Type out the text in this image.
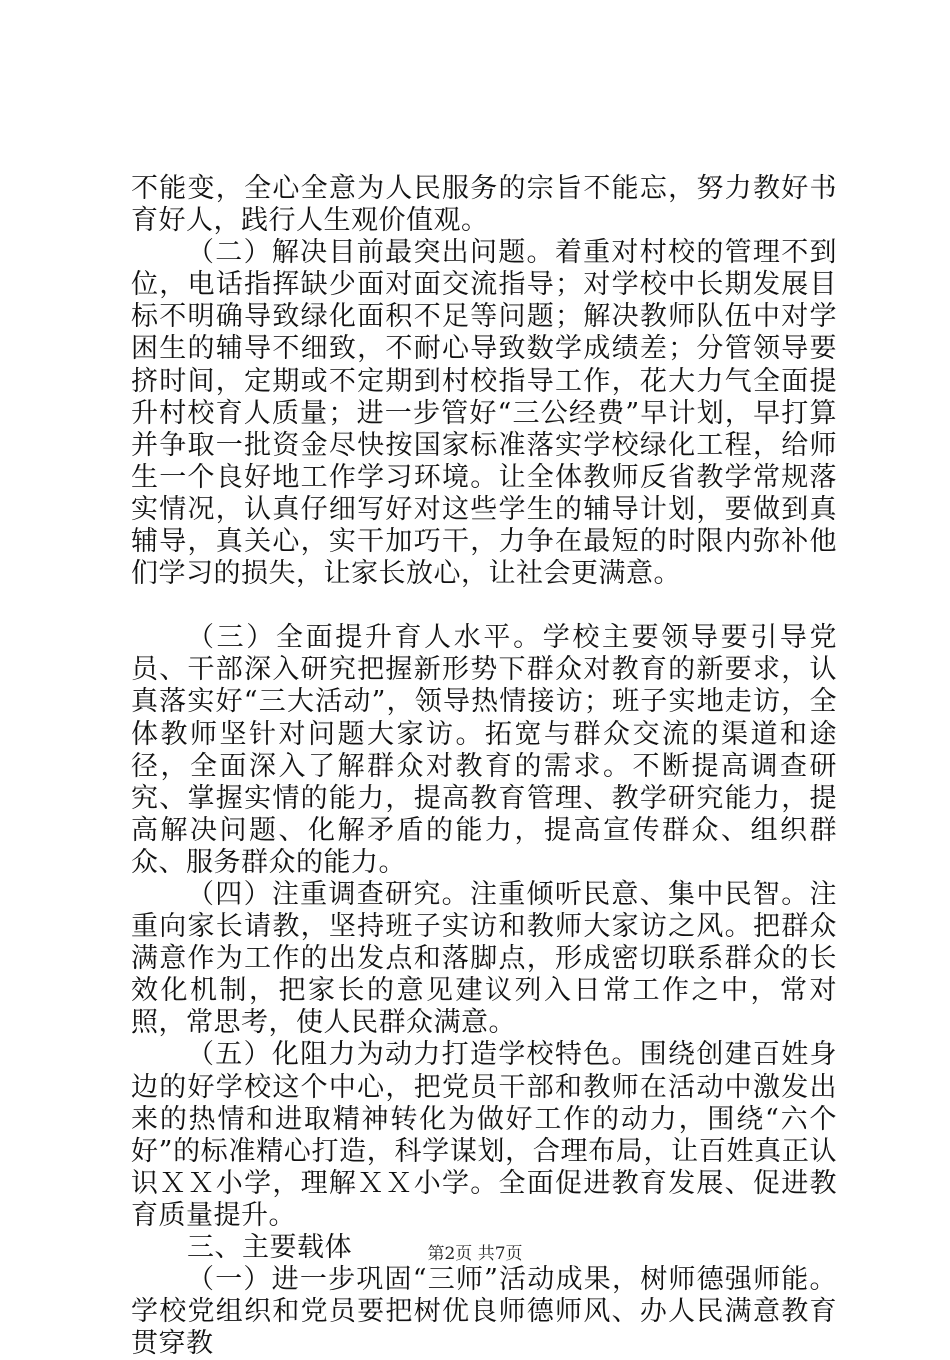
不能变，全心全意为人民服务的宗旨不能忘，努力教好书育好人，践行人生观价值观。

（二）解决目前最突出问题。着重对村校的管理不到位，电话指挥缺少面对面交流指导；对学校中长期发展目标不明确导致绿化面积不足等问题；解决教师队伍中对学困生的辅导不细致，不耐心导致数学成绩差；分管领导要挤时间，定期或不定期到村校指导工作，花大力气全面提升村校育人质量；进一步管好“三公经费”早计划，早打算并争取一批资金尽快按国家标准落实学校绿化工程，给师生一个良好地工作学习环境。让全体教师反省教学常规落实情况，认真仔细写好对这些学生的辅导计划，要做到真辅导，真关心，实干加巧干，力争在最短的时限内弥补他们学习的损失，让家长放心，让社会更满意。

（三）全面提升育人水平。学校主要领导要引导党员、干部深入研究把握新形势下群众对教育的新要求，认真落实好“三大活动”，领导热情接访；班子实地走访，全体教师坚针对问题大家访。拓宽与群众交流的渠道和途径，全面深入了解群众对教育的需求。不断提高调查研究、掌握实情的能力，提高教育管理、教学研究能力，提高解决问题、化解矛盾的能力，提高宣传群众、组织群众、服务群众的能力。

（四）注重调查研究。注重倾听民意、集中民智。注重向家长请教，坚持班子实访和教师大家访之风。把群众满意作为工作的出发点和落脚点，形成密切联系群众的长效化机制，把家长的意见建议列入日常工作之中，常对照，常思考，使人民群众满意。

（五）化阻力为动力打造学校特色。围绕创建百姓身边的好学校这个中心，把党员干部和教师在活动中激发出来的热情和进取精神转化为做好工作的动力，围绕“六个好”的标准精心打造，科学谋划，合理布局，让百姓真正认识ＸＸ小学，理解ＸＸ小学。全面促进教育发展、促进教育质量提升。

三、主要载体

（一）进一步巩固“三师”活动成果，树师德强师能。学校党组织和党员要把树优良师德师风、办人民满意教育贯穿教

第2页 共7页
